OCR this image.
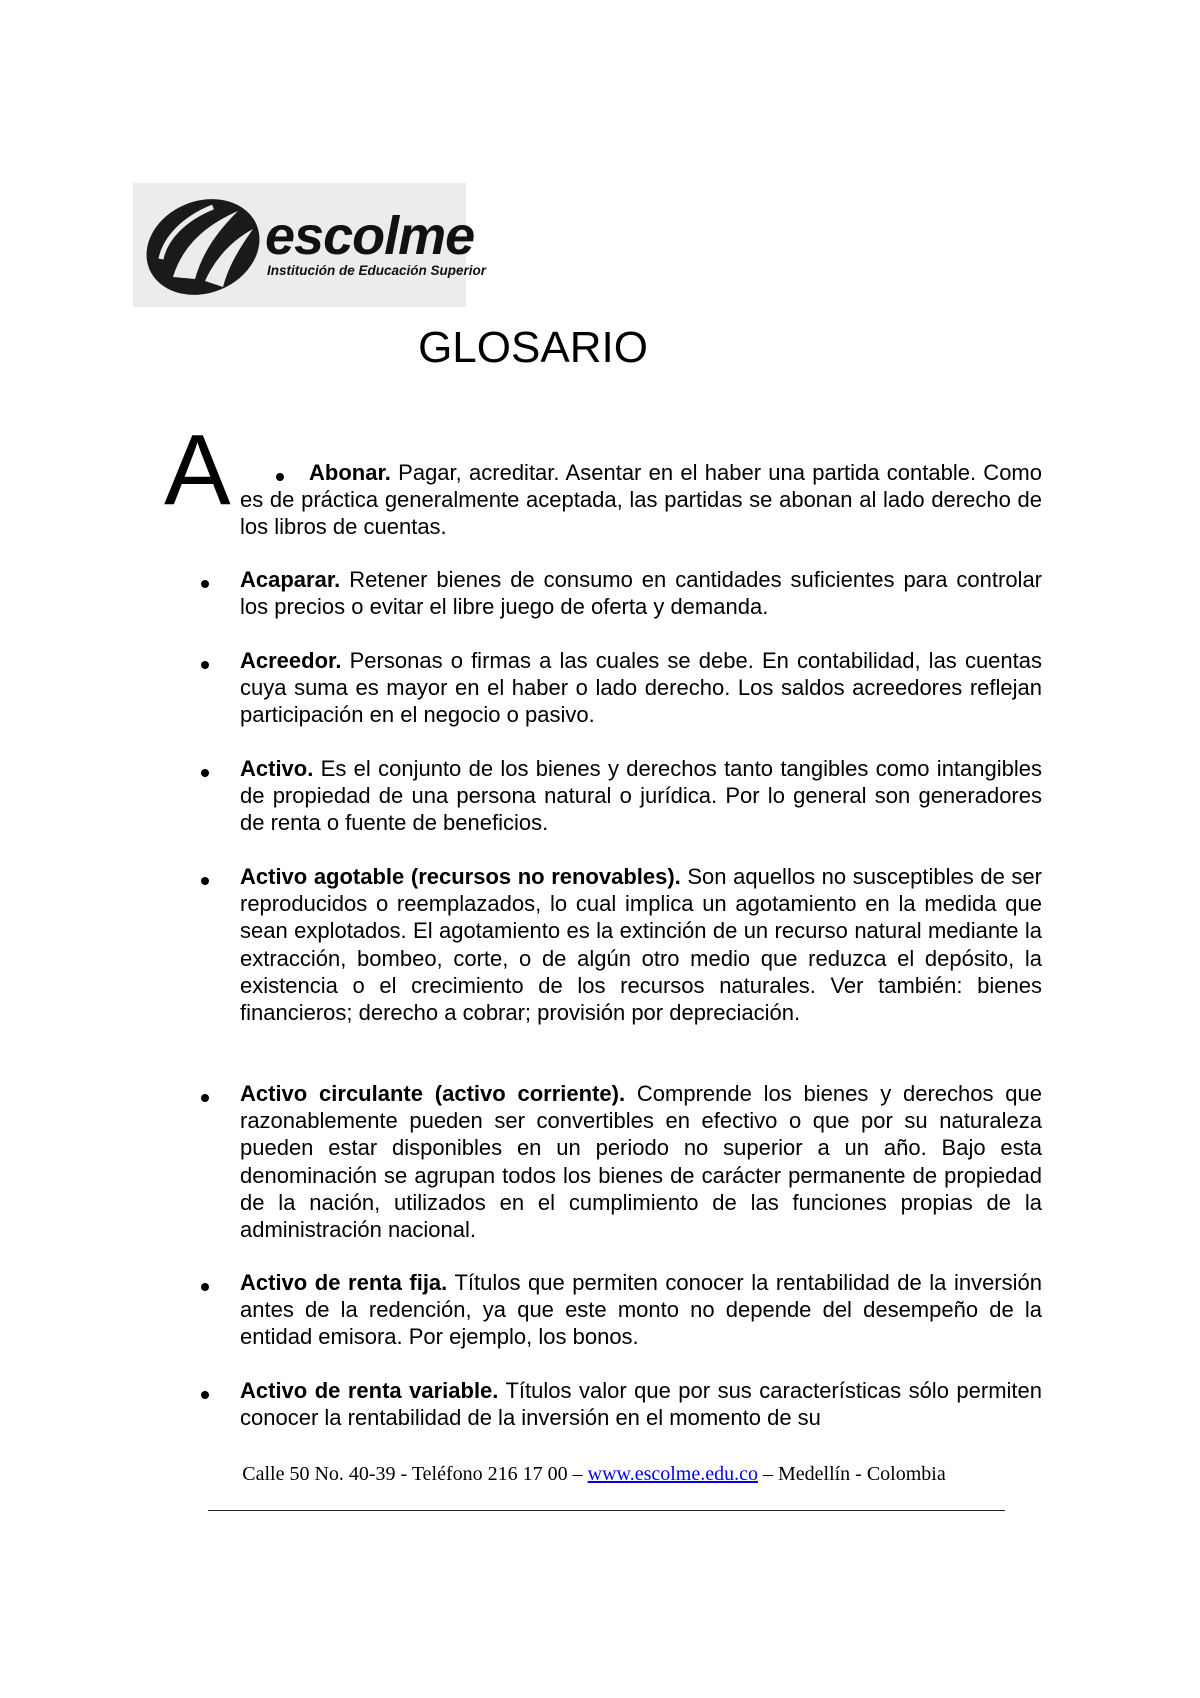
escolme
Institución de Educación Superior
GLOSARIO
A	Abonar. Pagar, acreditar. Asentar en el haber una partida contable. Como es de práctica generalmente aceptada, las partidas se abonan al lado derecho de los libros de cuentas.
Acaparar. Retener bienes de consumo en cantidades suficientes para controlar los precios o evitar el libre juego de oferta y demanda.
Acreedor. Personas o firmas a las cuales se debe. En contabilidad, las cuentas cuya suma es mayor en el haber o lado derecho. Los saldos acreedores reflejan participación en el negocio o pasivo.
Activo. Es el conjunto de los bienes y derechos tanto tangibles como intangibles de propiedad de una persona natural o jurídica. Por lo general son generadores de renta o fuente de beneficios.
Activo agotable (recursos no renovables). Son aquellos no susceptibles de ser reproducidos o reemplazados, lo cual implica un agotamiento en la medida que sean explotados. El agotamiento es la extinción de un recurso natural mediante la extracción, bombeo, corte, o de algún otro medio que reduzca el depósito, la existencia o el crecimiento de los recursos naturales. Ver también: bienes financieros; derecho a cobrar; provisión por depreciación.
Activo circulante (activo corriente). Comprende los bienes y derechos que razonablemente pueden ser convertibles en efectivo o que por su naturaleza pueden estar disponibles en un periodo no superior a un año. Bajo esta denominación se agrupan todos los bienes de carácter permanente de propiedad de la nación, utilizados en el cumplimiento de las funciones propias de la administración nacional.
Activo de renta fija. Títulos que permiten conocer la rentabilidad de la inversión antes de la redención, ya que este monto no depende del desempeño de la entidad emisora. Por ejemplo, los bonos.
Activo de renta variable. Títulos valor que por sus características sólo permiten conocer la rentabilidad de la inversión en el momento de su
Calle 50 No. 40-39 - Teléfono 216 17 00 – www.escolme.edu.co – Medellín - Colombia
